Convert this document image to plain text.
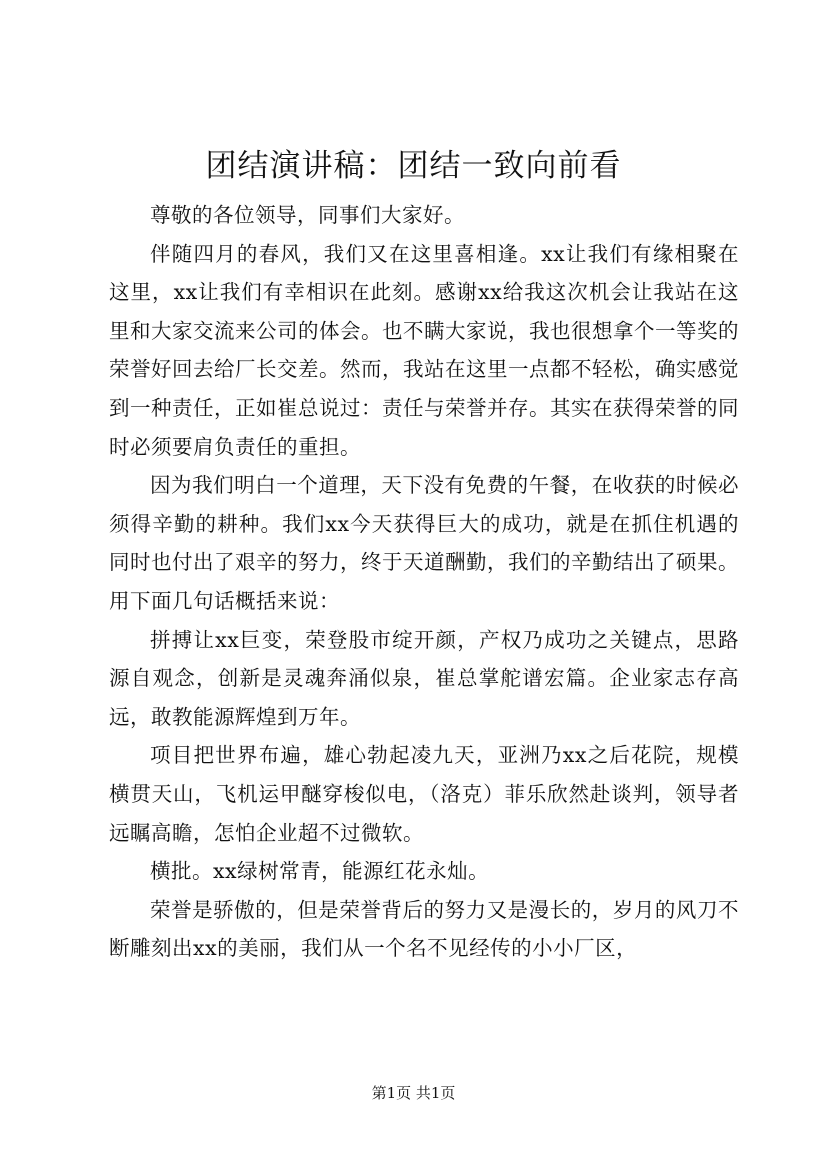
团结演讲稿：团结一致向前看

尊敬的各位领导，同事们大家好。

伴随四月的春风，我们又在这里喜相逢。xx让我们有缘相聚在这里，xx让我们有幸相识在此刻。感谢xx给我这次机会让我站在这里和大家交流来公司的体会。也不瞒大家说，我也很想拿个一等奖的荣誉好回去给厂长交差。然而，我站在这里一点都不轻松，确实感觉到一种责任，正如崔总说过：责任与荣誉并存。其实在获得荣誉的同时必须要肩负责任的重担。

因为我们明白一个道理，天下没有免费的午餐，在收获的时候必须得辛勤的耕种。我们xx今天获得巨大的成功，就是在抓住机遇的同时也付出了艰辛的努力，终于天道酬勤，我们的辛勤结出了硕果。用下面几句话概括来说：

拼搏让xx巨变，荣登股市绽开颜，产权乃成功之关键点，思路源自观念，创新是灵魂奔涌似泉，崔总掌舵谱宏篇。企业家志存高远，敢教能源辉煌到万年。

项目把世界布遍，雄心勃起凌九天，亚洲乃xx之后花院，规模横贯天山，飞机运甲醚穿梭似电，（洛克）菲乐欣然赴谈判，领导者远瞩高瞻，怎怕企业超不过微软。

横批。xx绿树常青，能源红花永灿。

荣誉是骄傲的，但是荣誉背后的努力又是漫长的，岁月的风刀不断雕刻出xx的美丽，我们从一个名不见经传的小小厂区，

第1页 共1页
